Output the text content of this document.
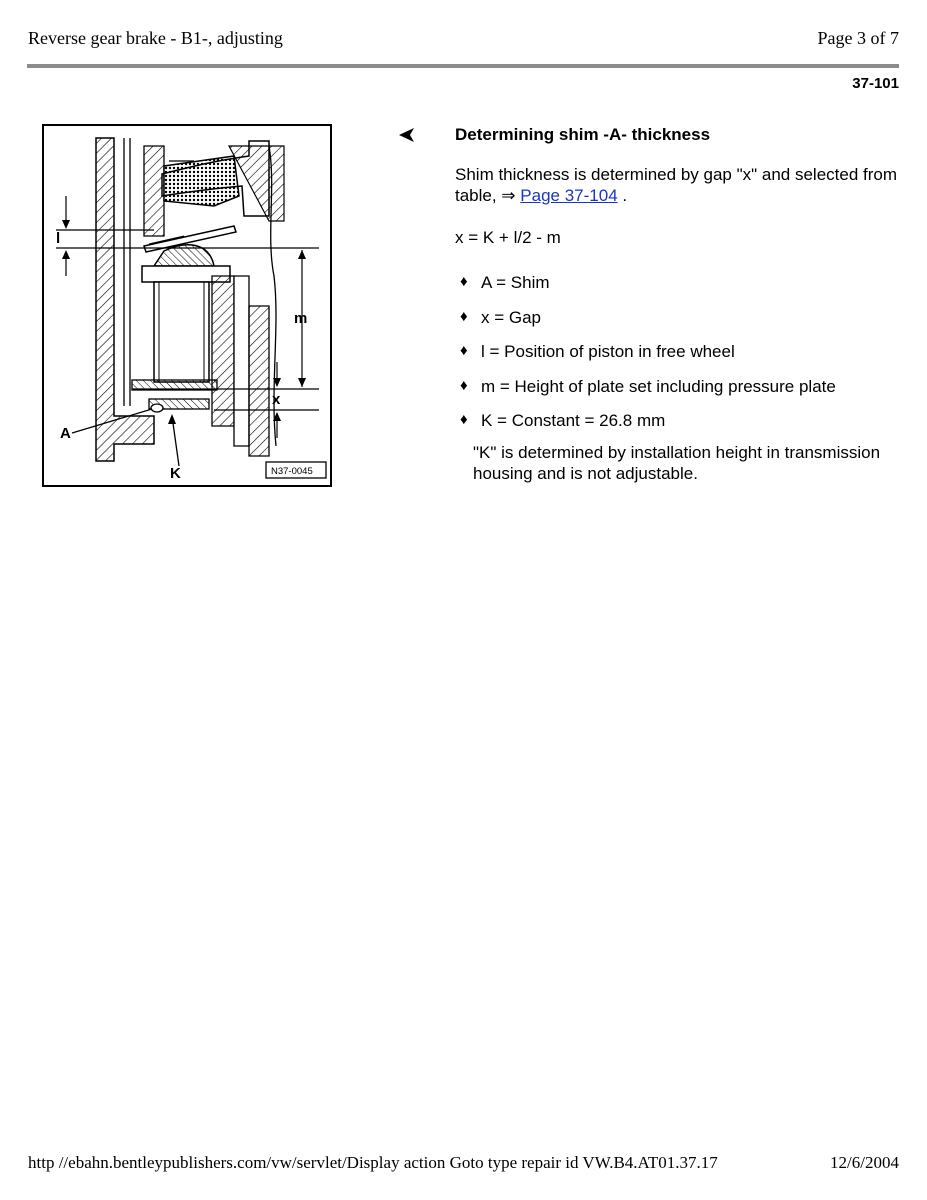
Reverse gear brake - B1-, adjusting	Page 3 of 7
37-101
l
m
x
A
K	N37-0045
Determining shim -A- thickness
Shim thickness is determined by gap "x" and selected from table, ⇒ Page 37-104 .
x = K + l/2 - m
♦ A = Shim
♦ x = Gap
♦ l = Position of piston in free wheel
♦ m = Height of plate set including pressure plate
♦ K = Constant = 26.8 mm
"K" is determined by installation height in transmission housing and is not adjustable.
http //ebahn.bentleypublishers.com/vw/servlet/Display action Goto type repair id VW.B4.AT01.37.17	12/6/2004
